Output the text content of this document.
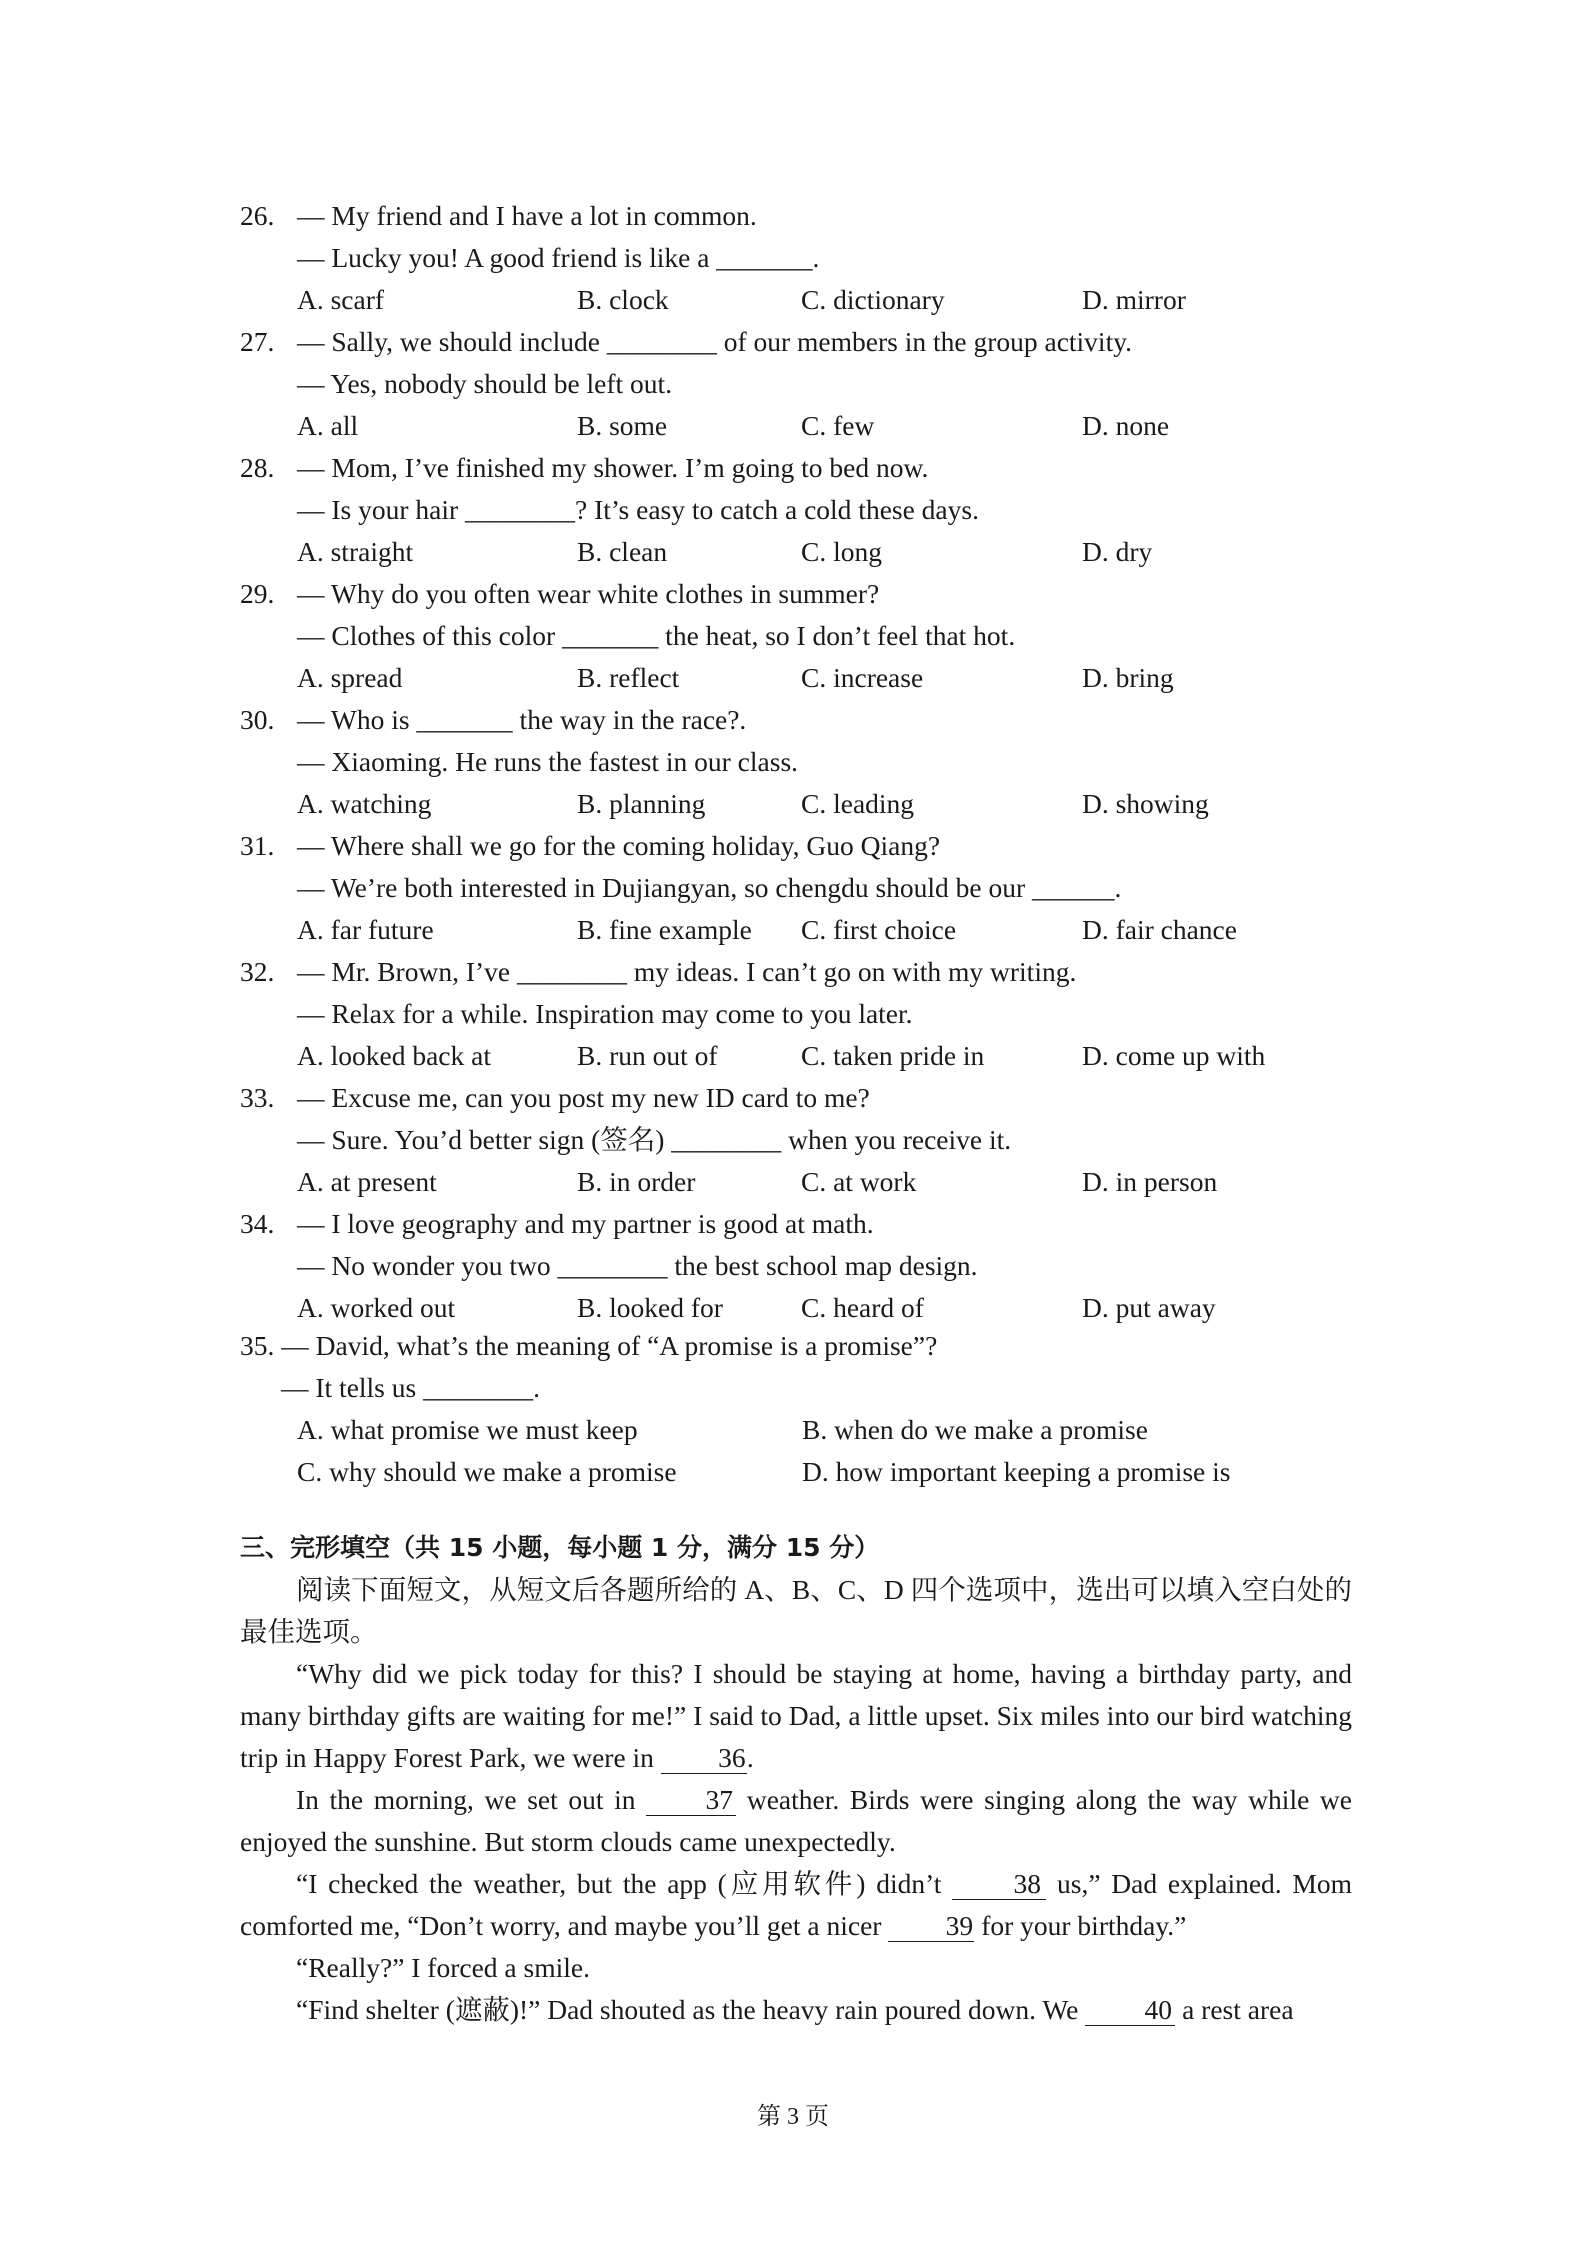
26. — My friend and I have a lot in common.
— Lucky you! A good friend is like a _______.
A. scarf	B. clock	C. dictionary	D. mirror
27. — Sally, we should include ________ of our members in the group activity.
— Yes, nobody should be left out.
A. all	B. some	C. few	D. none
28. — Mom, I’ve finished my shower. I’m going to bed now.
— Is your hair ________? It’s easy to catch a cold these days.
A. straight	B. clean	C. long	D. dry
29. — Why do you often wear white clothes in summer?
— Clothes of this color _______ the heat, so I don’t feel that hot.
A. spread	B. reflect	C. increase	D. bring
30. — Who is _______ the way in the race?.
— Xiaoming. He runs the fastest in our class.
A. watching	B. planning	C. leading	D. showing
31. — Where shall we go for the coming holiday, Guo Qiang?
— We’re both interested in Dujiangyan, so chengdu should be our ______.
A. far future	B. fine example	C. first choice	D. fair chance
32. — Mr. Brown, I’ve ________ my ideas. I can’t go on with my writing.
— Relax for a while. Inspiration may come to you later.
A. looked back at	B. run out of	C. taken pride in	D. come up with
33. — Excuse me, can you post my new ID card to me?
— Sure. You’d better sign (签名) ________ when you receive it.
A. at present	B. in order	C. at work	D. in person
34. — I love geography and my partner is good at math.
— No wonder you two ________ the best school map design.
A. worked out	B. looked for	C. heard of	D. put away
35. — David, what’s the meaning of “A promise is a promise”?
— It tells us ________.
A. what promise we must keep	B. when do we make a promise
C. why should we make a promise	D. how important keeping a promise is
三、完形填空（共 15 小题，每小题 1 分，满分 15 分）
阅读下面短文，从短文后各题所给的 A、B、C、D 四个选项中，选出可以填入空白处的最佳选项。
“Why did we pick today for this? I should be staying at home, having a birthday party, and many birthday gifts are waiting for me!” I said to Dad, a little upset. Six miles into our bird watching trip in Happy Forest Park, we were in 36.
In the morning, we set out in	37 weather. Birds were singing along the way while we enjoyed the sunshine. But storm clouds came unexpectedly.
“I checked the weather, but the app (应用软件) didn’t	38 us,” Dad explained. Mom comforted me, “Don’t worry, and maybe you’ll get a nicer 39 for your birthday.”
“Really?” I forced a smile.
“Find shelter (遮蔽)!” Dad shouted as the heavy rain poured down. We 40 a rest area
第 3 页
